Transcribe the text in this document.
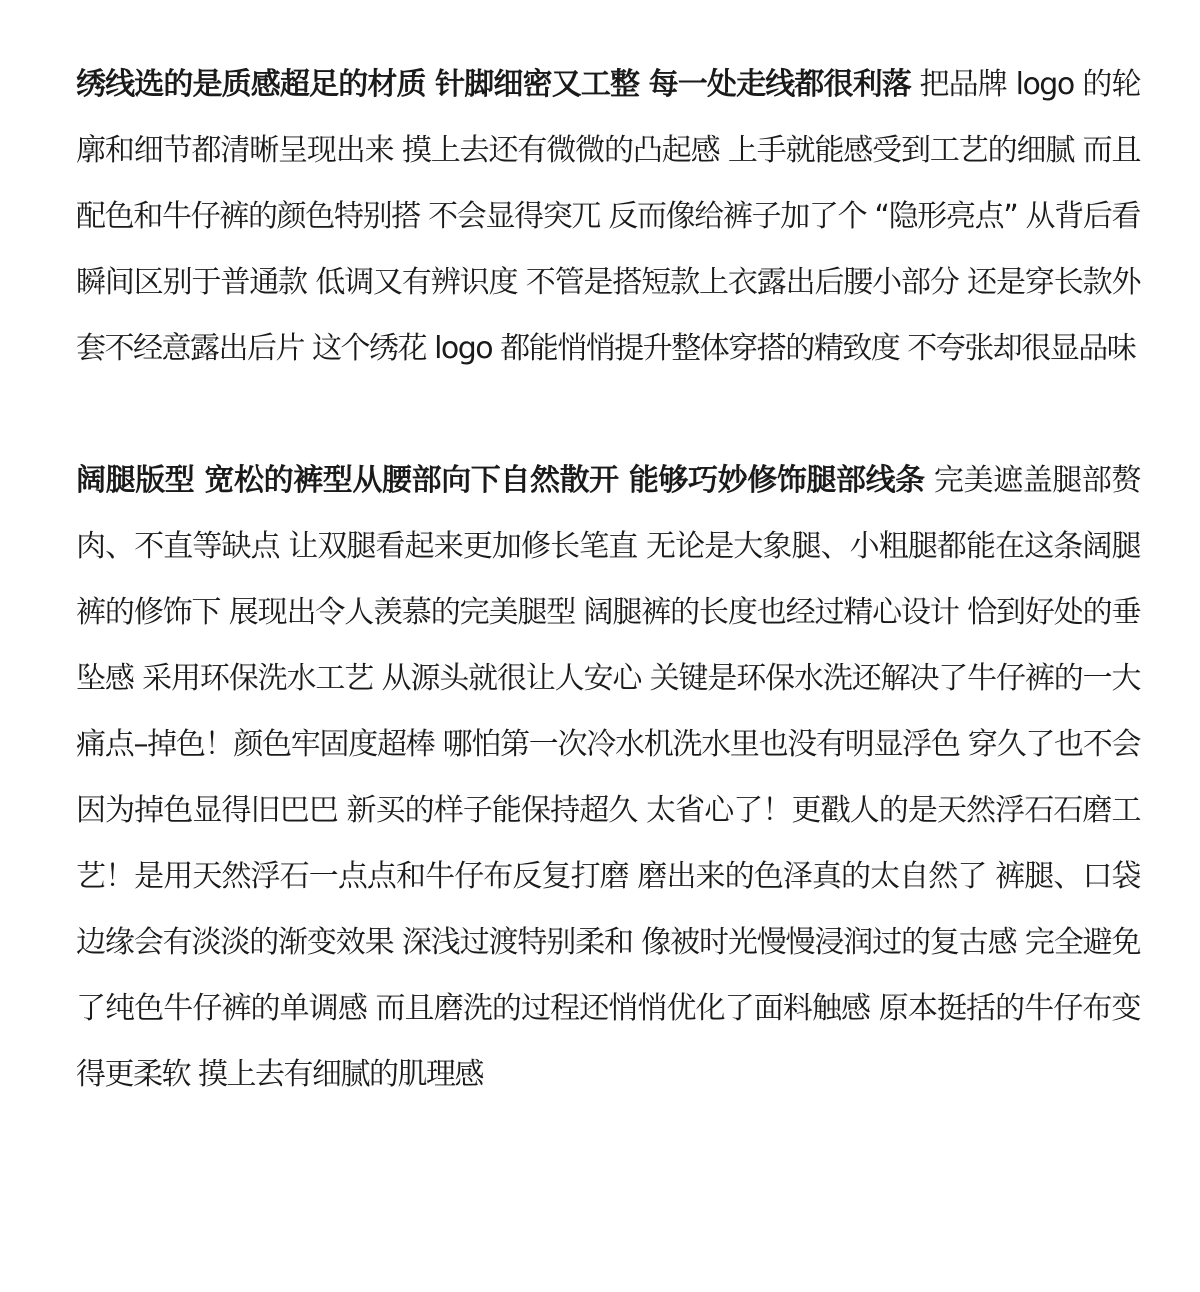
绣线选的是质感超足的材质 针脚细密又工整 每一处走线都很利落 把品牌 logo 的轮廓和细节都清晰呈现出来 摸上去还有微微的凸起感 上手就能感受到工艺的细腻 而且配色和牛仔裤的颜色特别搭 不会显得突兀 反而像给裤子加了个 “隐形亮点” 从背后看瞬间区别于普通款 低调又有辨识度 不管是搭短款上衣露出后腰小部分 还是穿长款外套不经意露出后片 这个绣花 logo 都能悄悄提升整体穿搭的精致度 不夸张却很显品味

阔腿版型 宽松的裤型从腰部向下自然散开 能够巧妙修饰腿部线条 完美遮盖腿部赘肉、不直等缺点 让双腿看起来更加修长笔直 无论是大象腿、小粗腿都能在这条阔腿裤的修饰下 展现出令人羡慕的完美腿型 阔腿裤的长度也经过精心设计 恰到好处的垂坠感 采用环保洗水工艺 从源头就很让人安心 关键是环保水洗还解决了牛仔裤的一大痛点–掉色！颜色牢固度超棒 哪怕第一次冷水机洗水里也没有明显浮色 穿久了也不会因为掉色显得旧巴巴 新买的样子能保持超久 太省心了！更戳人的是天然浮石石磨工艺！是用天然浮石一点点和牛仔布反复打磨 磨出来的色泽真的太自然了 裤腿、口袋边缘会有淡淡的渐变效果 深浅过渡特别柔和 像被时光慢慢浸润过的复古感 完全避免了纯色牛仔裤的单调感 而且磨洗的过程还悄悄优化了面料触感 原本挺括的牛仔布变得更柔软 摸上去有细腻的肌理感
